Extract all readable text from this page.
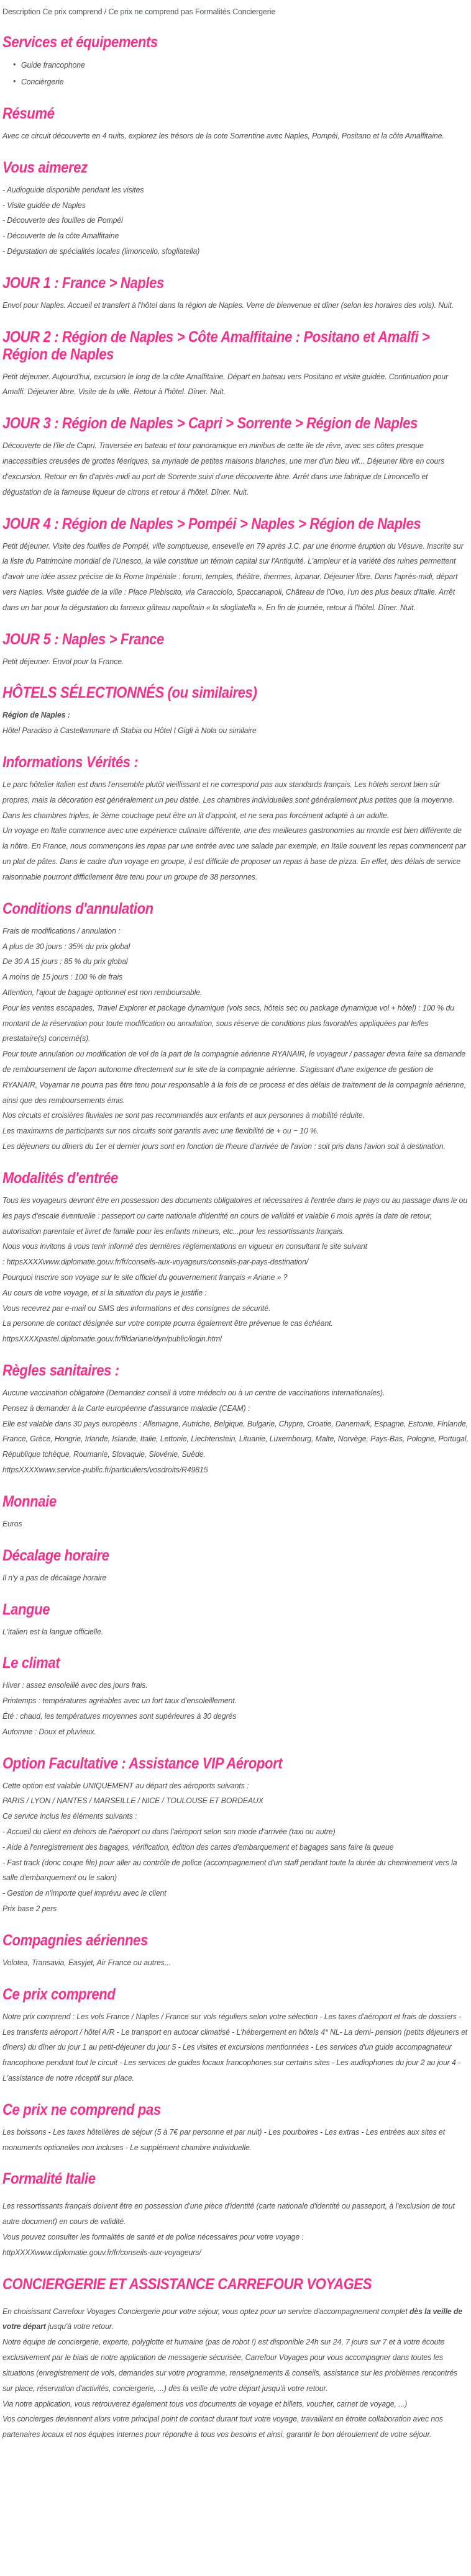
Description Ce prix comprend / Ce prix ne comprend pas Formalités Conciergerie
Services et équipements
• Guide francophone
• Concièrgerie
Résumé

Avec ce circuit découverte en 4 nuits, explorez les trésors de la cote Sorrentine avec Naples, Pompéi, Positano et la côte Amalfitaine.

Vous aimerez

- Audioguide disponible pendant les visites

- Visite guidée de Naples

- Découverte des fouilles de Pompéi

- Découverte de la côte Amalfitaine

- Dégustation de spécialités locales (limoncello, sfogliatella)

JOUR 1 : France > Naples

Envol pour Naples. Accueil et transfert à l'hôtel dans la région de Naples. Verre de bienvenue et dîner (selon les horaires des vols). Nuit.

JOUR 2 : Région de Naples > Côte Amalfitaine : Positano et Amalfi > Région de Naples

Petit déjeuner. Aujourd'hui, excursion le long de la côte Amalfitaine. Départ en bateau vers Positano et visite guidée. Continuation pour Amalfi. Déjeuner libre. Visite de la ville. Retour à l'hôtel. Dîner. Nuit.

JOUR 3 : Région de Naples > Capri > Sorrente > Région de Naples

Découverte de l'île de Capri. Traversée en bateau et tour panoramique en minibus de cette île de rêve, avec ses côtes presque inaccessibles creusées de grottes féeriques, sa myriade de petites maisons blanches, une mer d'un bleu vif... Déjeuner libre en cours d'excursion. Retour en fin d'après-midi au port de Sorrente suivi d'une découverte libre. Arrêt dans une fabrique de Limoncello et dégustation de la fameuse liqueur de citrons et retour à l'hôtel. Dîner. Nuit.

JOUR 4 : Région de Naples > Pompéi > Naples > Région de Naples

Petit déjeuner. Visite des fouilles de Pompéi, ville somptueuse, ensevelie en 79 après J.C. par une énorme éruption du Vésuve. Inscrite sur la liste du Patrimoine mondial de l'Unesco, la ville constitue un témoin capital sur l'Antiquité. L'ampleur et la variété des ruines permettent d'avoir une idée assez précise de la Rome Impériale : forum, temples, théâtre, thermes, lupanar. Déjeuner libre. Dans l'après-midi, départ vers Naples. Visite guidée de la ville : Place Plebiscito, via Caracciolo, Spaccanapoli, Château de l'Ovo, l'un des plus beaux d'Italie. Arrêt dans un bar pour la dégustation du fameux gâteau napolitain « la sfogliatella ». En fin de journée, retour à l'hôtel. Dîner. Nuit.

JOUR 5 : Naples > France

Petit déjeuner. Envol pour la France.

HÔTELS SÉLECTIONNÉS (ou similaires)

Région de Naples :

Hôtel Paradiso à Castellammare di Stabia ou Hôtel I Gigli à Nola ou similaire

Informations Vérités :

Le parc hôtelier italien est dans l'ensemble plutôt vieillissant et ne correspond pas aux standards français. Les hôtels seront bien sûr propres, mais la décoration est généralement un peu datée. Les chambres individuelles sont généralement plus petites que la moyenne. Dans les chambres triples, le 3ème couchage peut être un lit d'appoint, et ne sera pas forcément adapté à un adulte.

Un voyage en Italie commence avec une expérience culinaire différente, une des meilleures gastronomies au monde est bien différente de la nôtre. En France, nous commençons les repas par une entrée avec une salade par exemple, en Italie souvent les repas commencent par un plat de pâtes. Dans le cadre d'un voyage en groupe, il est difficile de proposer un repas à base de pizza. En effet, des délais de service raisonnable pourront difficilement être tenu pour un groupe de 38 personnes.

Conditions d'annulation

Frais de modifications / annulation :

A plus de 30 jours : 35% du prix global

De 30 A 15 jours : 85 % du prix global

A moins de 15 jours : 100 % de frais

Attention, l'ajout de bagage optionnel est non remboursable.

Pour les ventes escapades, Travel Explorer et package dynamique (vols secs, hôtels sec ou package dynamique vol + hôtel) : 100 % du montant de la réservation pour toute modification ou annulation, sous réserve de conditions plus favorables appliquées par le/les prestataire(s) concerné(s).

Pour toute annulation ou modification de vol de la part de la compagnie aérienne RYANAIR, le voyageur / passager devra faire sa demande de remboursement de façon autonome directement sur le site de la compagnie aérienne. S'agissant d'une exigence de gestion de RYANAIR, Voyamar ne pourra pas être tenu pour responsable à la fois de ce process et des délais de traitement de la compagnie aérienne, ainsi que des remboursements émis.

Nos circuits et croisières fluviales ne sont pas recommandés aux enfants et aux personnes à mobilité réduite.

Les maximums de participants sur nos circuits sont garantis avec une flexibilité de + ou − 10 %.

Les déjeuners ou dîners du 1er et dernier jours sont en fonction de l'heure d'arrivée de l'avion : soit pris dans l'avion soit à destination.

Modalités d'entrée

Tous les voyageurs devront être en possession des documents obligatoires et nécessaires à l'entrée dans le pays ou au passage dans le ou les pays d'escale éventuelle : passeport ou carte nationale d'identité en cours de validité et valable 6 mois après la date de retour, autorisation parentale et livret de famille pour les enfants mineurs, etc...pour les ressortissants français.

Nous vous invitons à vous tenir informé des dernières réglementations en vigueur en consultant le site suivant

: httpsXXXXwww.diplomatie.gouv.fr/fr/conseils-aux-voyageurs/conseils-par-pays-destination/

Pourquoi inscrire son voyage sur le site officiel du gouvernement français « Ariane » ?

Au cours de votre voyage, et si la situation du pays le justifie :

Vous recevrez par e-mail ou SMS des informations et des consignes de sécurité.

La personne de contact désignée sur votre compte pourra également être prévenue le cas échéant.

httpsXXXXpastel.diplomatie.gouv.fr/fildariane/dyn/public/login.html

Règles sanitaires :

Aucune vaccination obligatoire (Demandez conseil à votre médecin ou à un centre de vaccinations internationales).

Pensez à demander à la Carte européenne d'assurance maladie (CEAM) :

Elle est valable dans 30 pays européens : Allemagne, Autriche, Belgique, Bulgarie, Chypre, Croatie, Danemark, Espagne, Estonie, Finlande, France, Grèce, Hongrie, Irlande, Islande, Italie, Lettonie, Liechtenstein, Lituanie, Luxembourg, Malte, Norvège, Pays-Bas, Pologne, Portugal, République tchèque, Roumanie, Slovaquie, Slovénie, Suède.

httpsXXXXwww.service-public.fr/particuliers/vosdroits/R49815

Monnaie

Euros

Décalage horaire

Il n'y a pas de décalage horaire

Langue

L'italien est la langue officielle.

Le climat

Hiver : assez ensoleillé avec des jours frais.

Printemps : températures agréables avec un fort taux d'ensoleillement.

Été : chaud, les températures moyennes sont supérieures à 30 degrés

Automne : Doux et pluvieux.

Option Facultative : Assistance VIP Aéroport

Cette option est valable UNIQUEMENT au départ des aéroports suivants :

PARIS / LYON / NANTES / MARSEILLE / NICE / TOULOUSE ET BORDEAUX

Ce service inclus les éléments suivants :

- Accueil du client en dehors de l'aéroport ou dans l'aéroport selon son mode d'arrivée (taxi ou autre)

- Aide à l'enregistrement des bagages, vérification, édition des cartes d'embarquement et bagages sans faire la queue

- Fast track (donc coupe file) pour aller au contrôle de police (accompagnement d'un staff pendant toute la durée du cheminement vers la salle d'embarquement ou le salon)

- Gestion de n'importe quel imprévu avec le client

Prix base 2 pers

Compagnies aériennes

Volotea, Transavia, Easyjet, Air France ou autres...

Ce prix comprend

Notre prix comprend : Les vols France / Naples / France sur vols réguliers selon votre sélection - Les taxes d'aéroport et frais de dossiers - Les transferts aéroport / hôtel A/R - Le transport en autocar climatisé - L'hébergement en hôtels 4* NL- La demi- pension (petits déjeuners et dîners) du dîner du jour 1 au petit-déjeuner du jour 5 - Les visites et excursions mentionnées - Les services d'un guide accompagnateur francophone pendant tout le circuit - Les services de guides locaux francophones sur certains sites - Les audiophones du jour 2 au jour 4 - L'assistance de notre réceptif sur place.

Ce prix ne comprend pas

Les boissons - Les taxes hôtelières de séjour (5 à 7€ par personne et par nuit) - Les pourboires - Les extras - Les entrées aux sites et monuments optionelles non incluses - Le supplément chambre individuelle.

Formalité Italie

Les ressortissants français doivent être en possession d'une pièce d'identité (carte nationale d'identité ou passeport, à l'exclusion de tout autre document) en cours de validité.

Vous pouvez consulter les formalités de santé et de police nécessaires pour votre voyage :

httpXXXXwww.diplomatie.gouv.fr/fr/conseils-aux-voyageurs/

CONCIERGERIE ET ASSISTANCE CARREFOUR VOYAGES

En choisissant Carrefour Voyages Conciergerie pour votre séjour, vous optez pour un service d'accompagnement complet dès la veille de votre départ jusqu'à votre retour.

Notre équipe de conciergerie, experte, polyglotte et humaine (pas de robot !) est disponible 24h sur 24, 7 jours sur 7 et à votre écoute exclusivement par le biais de notre application de messagerie sécurisée, Carrefour Voyages pour vous accompagner dans toutes les situations (enregistrement de vols, demandes sur votre programme, renseignements & conseils, assistance sur les problèmes rencontrés sur place, réservation d'activités, conciergerie, ...) dès la veille de votre départ jusqu'à votre retour.

Via notre application, vous retrouverez également tous vos documents de voyage et billets, voucher, carnet de voyage, ...)

Vos concierges deviennent alors votre principal point de contact durant tout votre voyage, travaillant en étroite collaboration avec nos partenaires locaux et nos équipes internes pour répondre à tous vos besoins et ainsi, garantir le bon déroulement de votre séjour.
